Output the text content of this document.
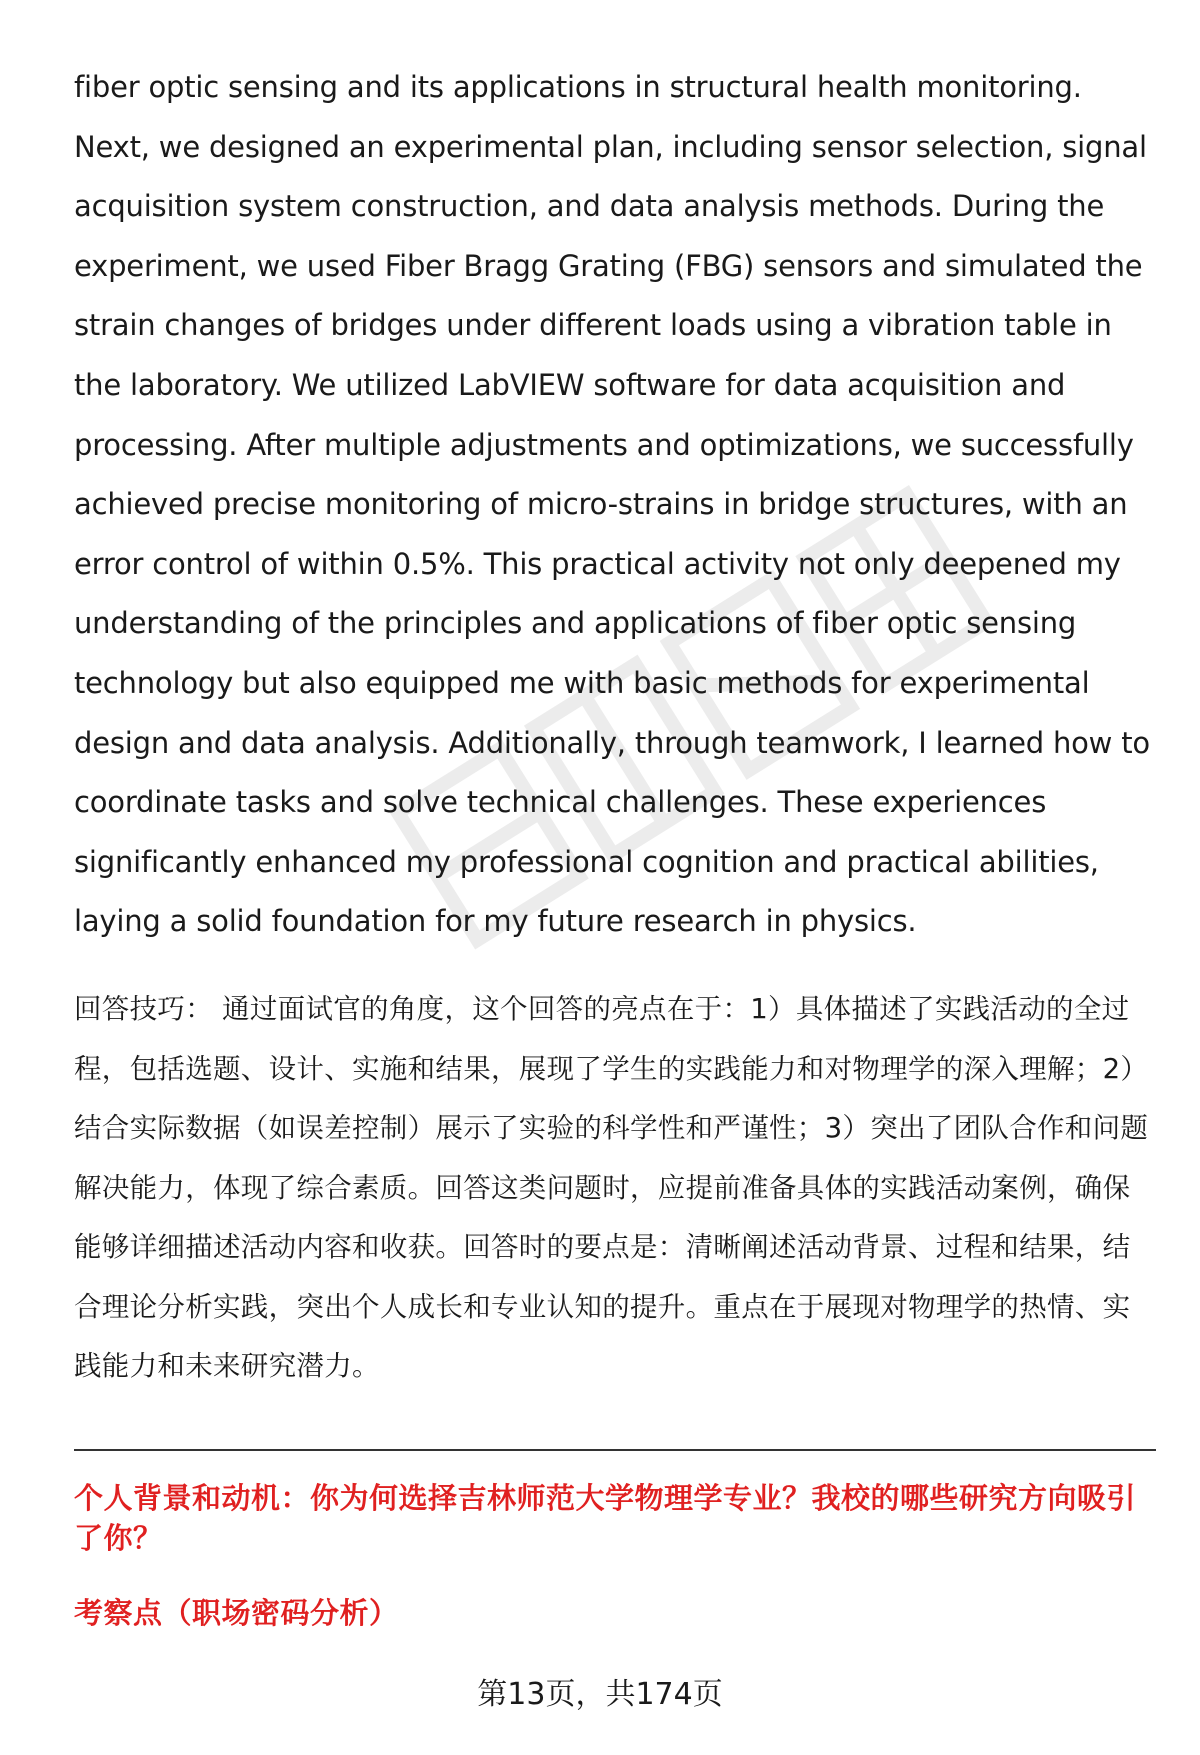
fiber optic sensing and its applications in structural health monitoring. Next, we designed an experimental plan, including sensor selection, signal acquisition system construction, and data analysis methods. During the experiment, we used Fiber Bragg Grating (FBG) sensors and simulated the strain changes of bridges under different loads using a vibration table in the laboratory. We utilized LabVIEW software for data acquisition and processing. After multiple adjustments and optimizations, we successfully achieved precise monitoring of micro-strains in bridge structures, with an error control of within 0.5%. This practical activity not only deepened my understanding of the principles and applications of fiber optic sensing technology but also equipped me with basic methods for experimental design and data analysis. Additionally, through teamwork, I learned how to coordinate tasks and solve technical challenges. These experiences significantly enhanced my professional cognition and practical abilities, laying a solid foundation for my future research in physics.

回答技巧： 通过面试官的角度，这个回答的亮点在于：1）具体描述了实践活动的全过程，包括选题、设计、实施和结果，展现了学生的实践能力和对物理学的深入理解；2）结合实际数据（如误差控制）展示了实验的科学性和严谨性；3）突出了团队合作和问题解决能力，体现了综合素质。回答这类问题时，应提前准备具体的实践活动案例，确保能够详细描述活动内容和收获。回答时的要点是：清晰阐述活动背景、过程和结果，结合理论分析实践，突出个人成长和专业认知的提升。重点在于展现对物理学的热情、实践能力和未来研究潜力。

个人背景和动机：你为何选择吉林师范大学物理学专业？我校的哪些研究方向吸引了你？
考察点（职场密码分析）
第13页，共174页
